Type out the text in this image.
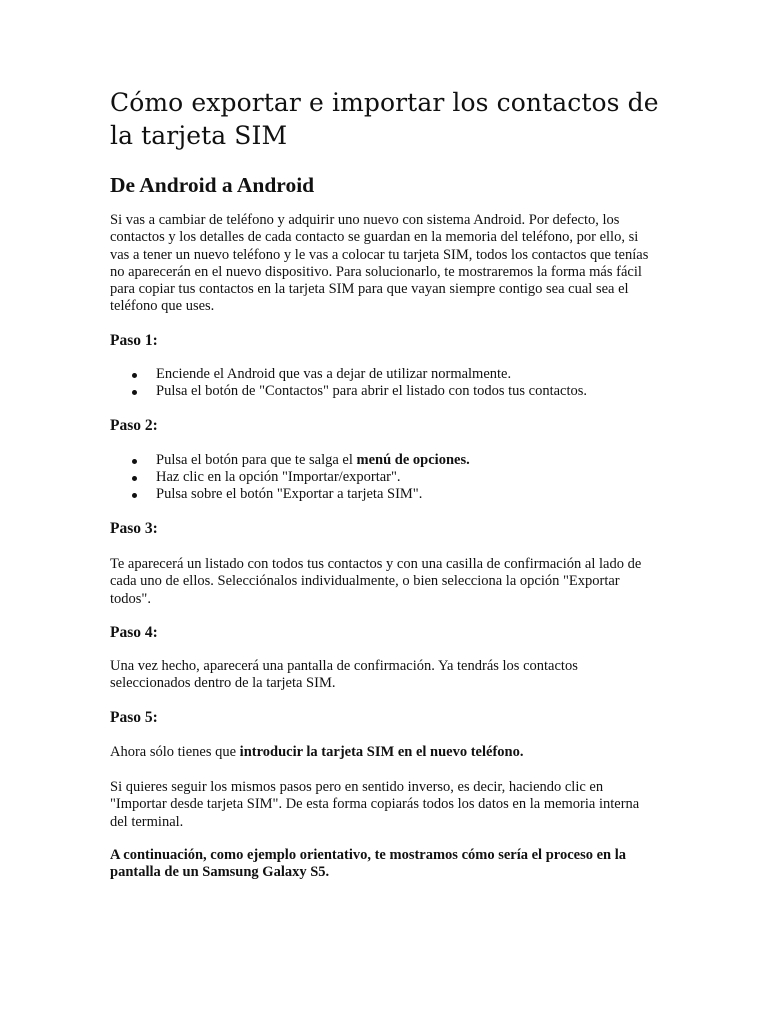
Cómo exportar e importar los contactos de la tarjeta SIM
De Android a Android

Si vas a cambiar de teléfono y adquirir uno nuevo con sistema Android. Por defecto, los contactos y los detalles de cada contacto se guardan en la memoria del teléfono, por ello, si vas a tener un nuevo teléfono y le vas a colocar tu tarjeta SIM, todos los contactos que tenías no aparecerán en el nuevo dispositivo. Para solucionarlo, te mostraremos la forma más fácil para copiar tus contactos en la tarjeta SIM para que vayan siempre contigo sea cual sea el teléfono que uses.

Paso 1:
Enciende el Android que vas a dejar de utilizar normalmente.
Pulsa el botón de "Contactos" para abrir el listado con todos tus contactos.
Paso 2:
Pulsa el botón para que te salga el menú de opciones.
Haz clic en la opción "Importar/exportar".
Pulsa sobre el botón "Exportar a tarjeta SIM".
Paso 3:

Te aparecerá un listado con todos tus contactos y con una casilla de confirmación al lado de cada uno de ellos. Selecciónalos individualmente, o bien selecciona la opción "Exportar todos".

Paso 4:

Una vez hecho, aparecerá una pantalla de confirmación. Ya tendrás los contactos seleccionados dentro de la tarjeta SIM.

Paso 5:

Ahora sólo tienes que introducir la tarjeta SIM en el nuevo teléfono.

Si quieres seguir los mismos pasos pero en sentido inverso, es decir, haciendo clic en "Importar desde tarjeta SIM". De esta forma copiarás todos los datos en la memoria interna del terminal.

A continuación, como ejemplo orientativo, te mostramos cómo sería el proceso en la pantalla de un Samsung Galaxy S5.
